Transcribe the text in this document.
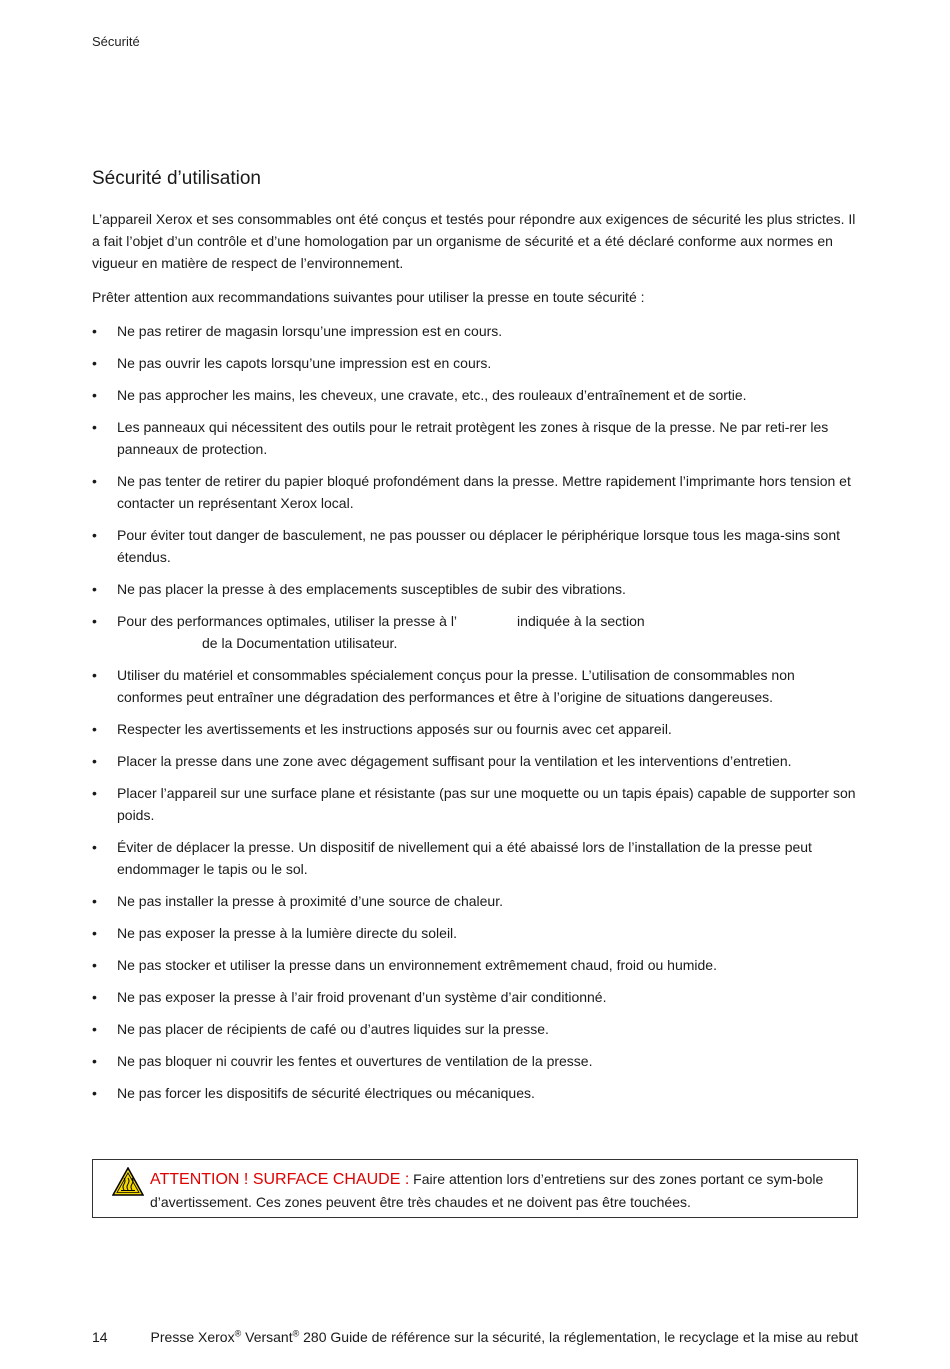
Sécurité
Sécurité d’utilisation

L’appareil Xerox et ses consommables ont été conçus et testés pour répondre aux exigences de sécurité les plus strictes. Il a fait l’objet d’un contrôle et d’une homologation par un organisme de sécurité et a été déclaré conforme aux normes en vigueur en matière de respect de l’environnement.

Prêter attention aux recommandations suivantes pour utiliser la presse en toute sécurité :

• Ne pas retirer de magasin lorsqu’une impression est en cours.
• Ne pas ouvrir les capots lorsqu’une impression est en cours.
• Ne pas approcher les mains, les cheveux, une cravate, etc., des rouleaux d’entraînement et de sortie.
• Les panneaux qui nécessitent des outils pour le retrait protègent les zones à risque de la presse. Ne par reti-rer les panneaux de protection.
• Ne pas tenter de retirer du papier bloqué profondément dans la presse. Mettre rapidement l’imprimante hors tension et contacter un représentant Xerox local.
• Pour éviter tout danger de basculement, ne pas pousser ou déplacer le périphérique lorsque tous les maga-sins sont étendus.
• Ne pas placer la presse à des emplacements susceptibles de subir des vibrations.
• Pour des performances optimales, utiliser la presse à l’	indiquée à la section
de la Documentation utilisateur.
• Utiliser du matériel et consommables spécialement conçus pour la presse. L’utilisation de consommables non conformes peut entraîner une dégradation des performances et être à l’origine de situations dangereuses.
• Respecter les avertissements et les instructions apposés sur ou fournis avec cet appareil.
• Placer la presse dans une zone avec dégagement suffisant pour la ventilation et les interventions d’entretien.
• Placer l’appareil sur une surface plane et résistante (pas sur une moquette ou un tapis épais) capable de supporter son poids.
• Éviter de déplacer la presse. Un dispositif de nivellement qui a été abaissé lors de l’installation de la presse peut endommager le tapis ou le sol.
• Ne pas installer la presse à proximité d’une source de chaleur.
• Ne pas exposer la presse à la lumière directe du soleil.
• Ne pas stocker et utiliser la presse dans un environnement extrêmement chaud, froid ou humide.
• Ne pas exposer la presse à l’air froid provenant d’un système d’air conditionné.
• Ne pas placer de récipients de café ou d’autres liquides sur la presse.
• Ne pas bloquer ni couvrir les fentes et ouvertures de ventilation de la presse.
• Ne pas forcer les dispositifs de sécurité électriques ou mécaniques.
ATTENTION ! SURFACE CHAUDE : Faire attention lors d’entretiens sur des zones portant ce sym-bole d’avertissement. Ces zones peuvent être très chaudes et ne doivent pas être touchées.
14	Presse Xerox® Versant® 280 Guide de référence sur la sécurité, la réglementation, le recyclage et la mise au rebut
